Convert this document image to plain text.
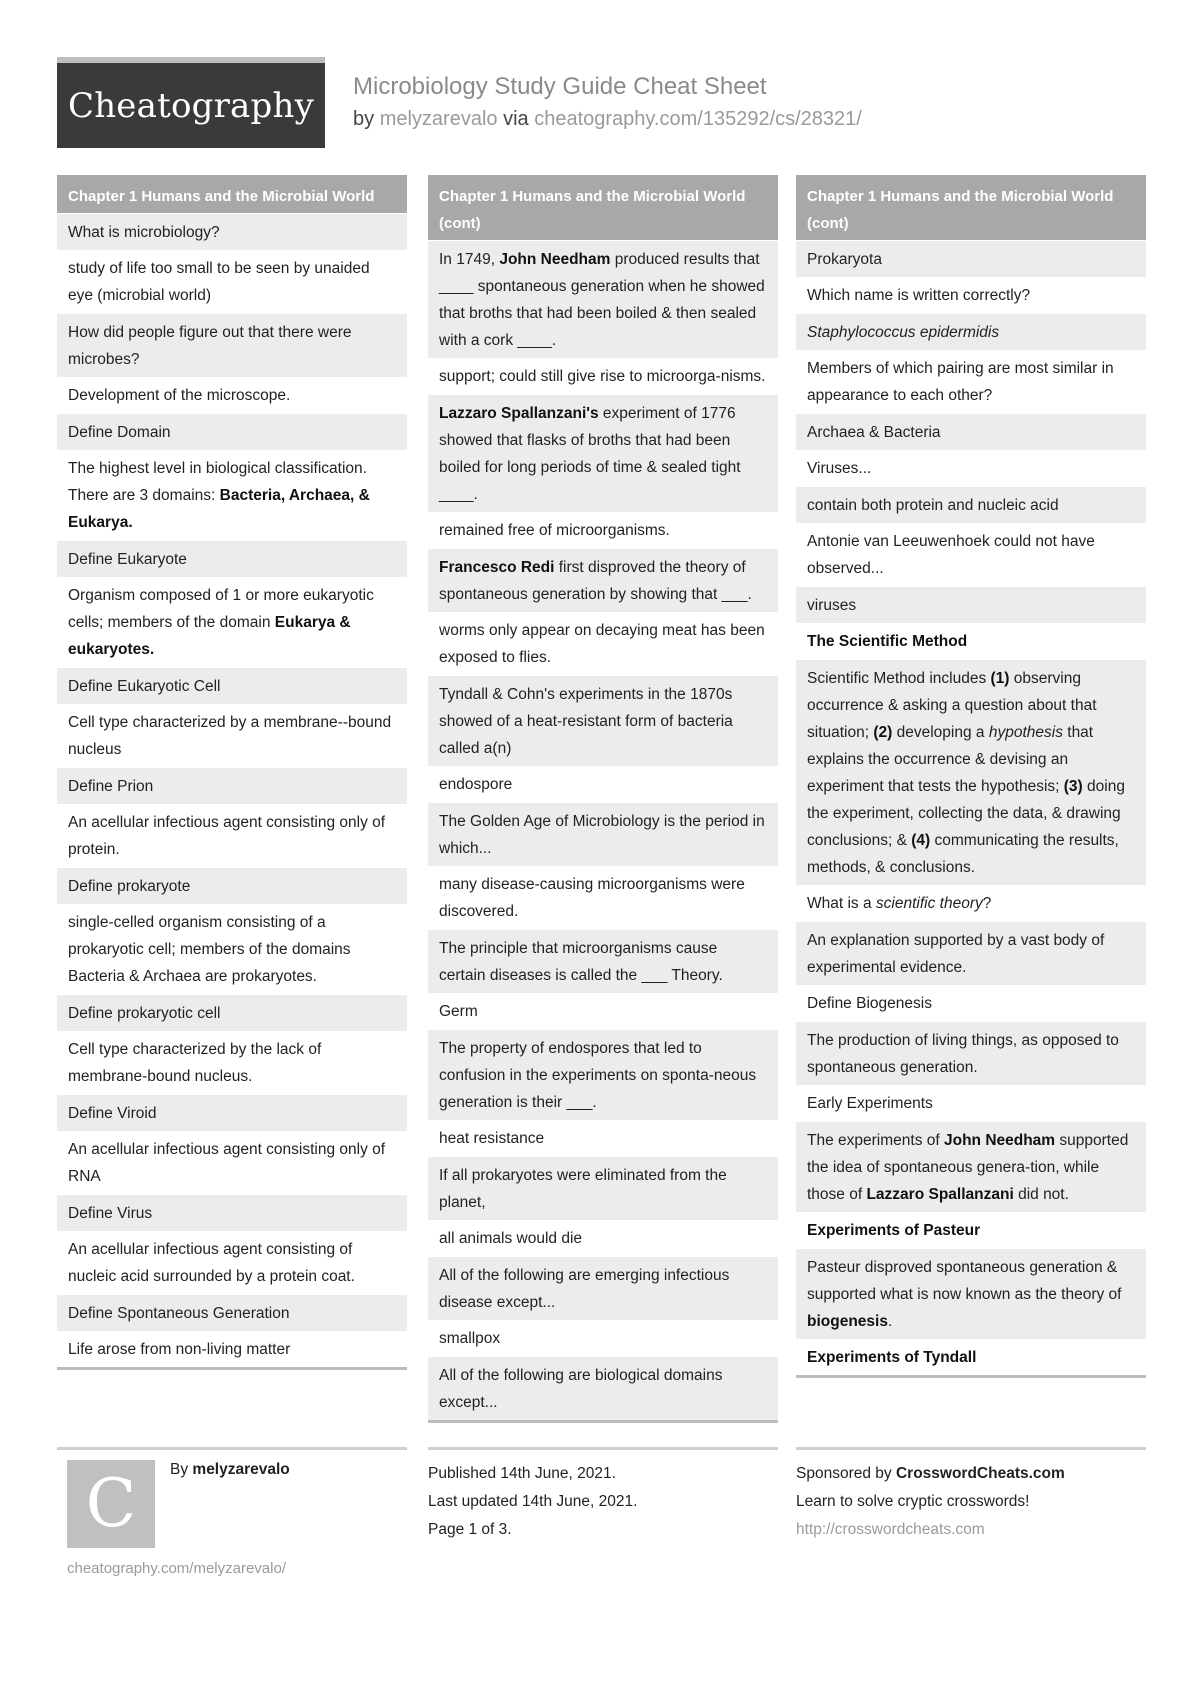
Cheatography Microbiology Study Guide Cheat Sheet
by melyzarevalo via cheatography.com/135292/cs/28321/
Chapter 1 Humans and the Microbial World
What is microbiology?
study of life too small to be seen by unaided eye (microbial world)
How did people figure out that there were microbes?
Development of the microscope.
Define Domain
The highest level in biological classification. There are 3 domains: Bacteria, Archaea, & Eukarya.
Define Eukaryote
Organism composed of 1 or more eukaryotic cells; members of the domain Eukarya & eukaryotes.
Define Eukaryotic Cell
Cell type characterized by a membrane--bound nucleus
Define Prion
An acellular infectious agent consisting only of protein.
Define prokaryote
single-celled organism consisting of a prokaryotic cell; members of the domains Bacteria & Archaea are prokaryotes.
Define prokaryotic cell
Cell type characterized by the lack of membrane-bound nucleus.
Define Viroid
An acellular infectious agent consisting only of RNA
Define Virus
An acellular infectious agent consisting of nucleic acid surrounded by a protein coat.
Define Spontaneous Generation
Life arose from non-living matter
Chapter 1 Humans and the Microbial World (cont)
In 1749, John Needham produced results that ____ spontaneous generation when he showed that broths that had been boiled & then sealed with a cork ____.
support; could still give rise to microorga-nisms.
Lazzaro Spallanzani's experiment of 1776 showed that flasks of broths that had been boiled for long periods of time & sealed tight ____.
remained free of microorganisms.
Francesco Redi first disproved the theory of spontaneous generation by showing that ___.
worms only appear on decaying meat has been exposed to flies.
Tyndall & Cohn's experiments in the 1870s showed of a heat-resistant form of bacteria called a(n)
endospore
The Golden Age of Microbiology is the period in which...
many disease-causing microorganisms were discovered.
The principle that microorganisms cause certain diseases is called the ___ Theory.
Germ
The property of endospores that led to confusion in the experiments on sponta-neous generation is their ___.
heat resistance
If all prokaryotes were eliminated from the planet,
all animals would die
All of the following are emerging infectious disease except...
smallpox
All of the following are biological domains except...
Chapter 1 Humans and the Microbial World (cont)
Prokaryota
Which name is written correctly?
Staphylococcus epidermidis
Members of which pairing are most similar in appearance to each other?
Archaea & Bacteria
Viruses...
contain both protein and nucleic acid
Antonie van Leeuwenhoek could not have observed...
viruses
The Scientific Method
Scientific Method includes (1) observing occurrence & asking a question about that situation; (2) developing a hypothesis that explains the occurrence & devising an experiment that tests the hypothesis; (3) doing the experiment, collecting the data, & drawing conclusions; & (4) communicating the results, methods, & conclusions.
What is a scientific theory?
An explanation supported by a vast body of experimental evidence.
Define Biogenesis
The production of living things, as opposed to spontaneous generation.
Early Experiments
The experiments of John Needham supported the idea of spontaneous genera-tion, while those of Lazzaro Spallanzani did not.
Experiments of Pasteur
Pasteur disproved spontaneous generation & supported what is now known as the theory of biogenesis.
Experiments of Tyndall
C	By melyzarevalo
cheatography.com/melyzarevalo/
Published 14th June, 2021.
Last updated 14th June, 2021.
Page 1 of 3.
Sponsored by CrosswordCheats.com
Learn to solve cryptic crosswords!
http://crosswordcheats.com
